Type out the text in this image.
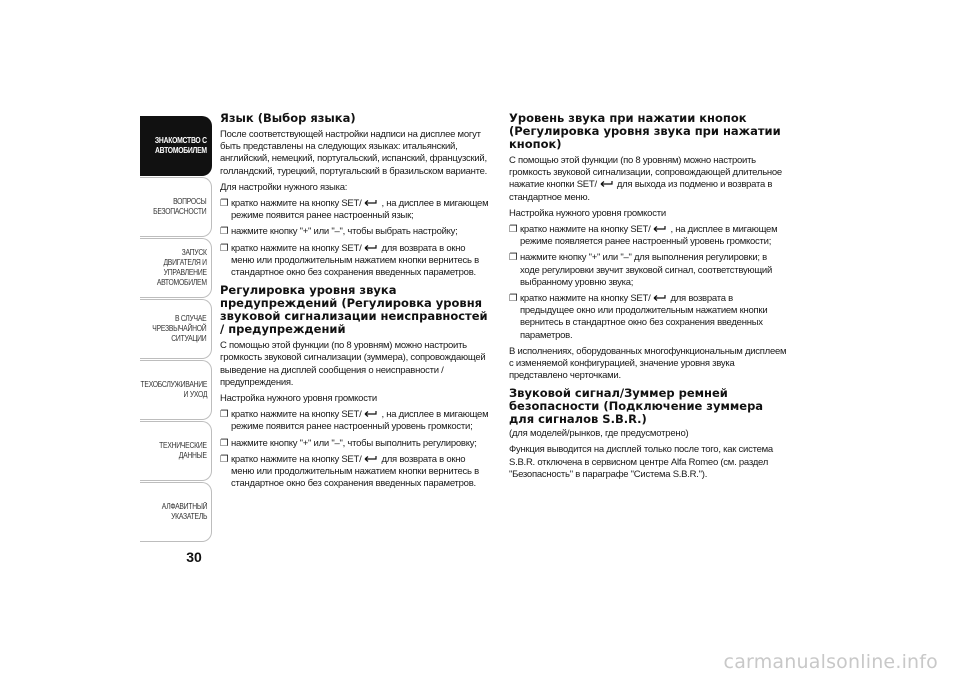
ЗНАКОМСТВО С
АВТОМОБИЛЕМ
ВОПРОСЫ
БЕЗОПАСНОСТИ
ЗАПУСК ДВИГАТЕЛЯ И
УПРАВЛЕНИЕ
АВТОМОБИЛЕМ
В СЛУЧАЕ
ЧРЕЗВЫЧАЙНОЙ
СИТУАЦИИ
ТЕХОБСЛУЖИВАНИЕ
И УХОД
ТЕХНИЧЕСКИЕ
ДАННЫЕ
АЛФАВИТНЫЙ
УКАЗАТЕЛЬ
30
Язык (Выбор языка)

После соответствующей настройки надписи на дисплее могут быть представлены на следующих языках: итальянский, английский, немецкий, португальский, испанский, французский, голландский, турецкий, португальский в бразильском варианте.

Для настройки нужного языка:

❐ кратко нажмите на кнопку SET/ , на дисплее в мигающем режиме появится ранее настроенный язык;
❐ нажмите кнопку "+" или "–", чтобы выбрать настройку;
❐ кратко нажмите на кнопку SET/ для возврата в окно меню или продолжительным нажатием кнопки вернитесь в стандартное окно без сохранения введенных параметров.
Регулировка уровня звука предупреждений (Регулировка уровня звуковой сигнализации неисправностей / предупреждений

С помощью этой функции (по 8 уровням) можно настроить громкость звуковой сигнализации (зуммера), сопровождающей выведение на дисплей сообщения о неисправности / предупреждения.

Настройка нужного уровня громкости

❐ кратко нажмите на кнопку SET/ , на дисплее в мигающем режиме появится ранее настроенный уровень громкости;
❐ нажмите кнопку "+" или "–", чтобы выполнить регулировку;
❐ кратко нажмите на кнопку SET/ для возврата в окно меню или продолжительным нажатием кнопки вернитесь в стандартное окно без сохранения введенных параметров.
Уровень звука при нажатии кнопок (Регулировка уровня звука при нажатии кнопок)

С помощью этой функции (по 8 уровням) можно настроить громкость звуковой сигнализации, сопровождающей длительное нажатие кнопки SET/ для выхода из подменю и возврата в стандартное меню.

Настройка нужного уровня громкости

❐ кратко нажмите на кнопку SET/ , на дисплее в мигающем режиме появляется ранее настроенный уровень громкости;
❐ нажмите кнопку "+" или "–" для выполнения регулировки; в ходе регулировки звучит звуковой сигнал, соответствующий выбранному уровню звука;
❐ кратко нажмите на кнопку SET/ для возврата в предыдущее окно или продолжительным нажатием кнопки вернитесь в стандартное окно без сохранения введенных параметров.

В исполнениях, оборудованных многофункциональным дисплеем с изменяемой конфигурацией, значение уровня звука представлено черточками.

Звуковой сигнал/Зуммер ремней безопасности (Подключение зуммера для сигналов S.B.R.)

(для моделей/рынков, где предусмотрено)

Функция выводится на дисплей только после того, как система S.B.R. отключена в сервисном центре Alfa Romeo (см. раздел "Безопасность" в параграфе "Система S.B.R.").

carmanualsonline.info
